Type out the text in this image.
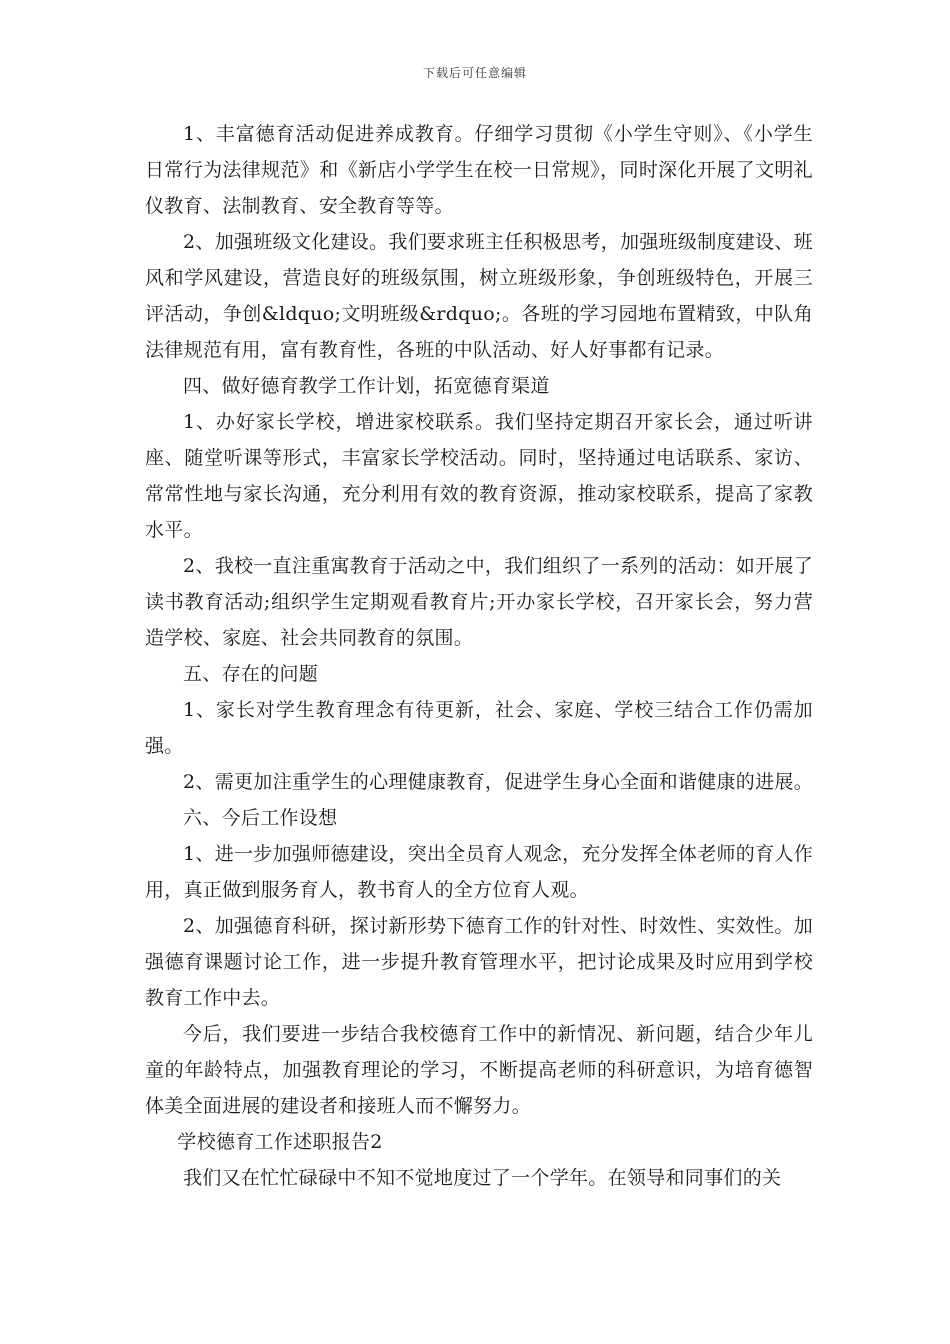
下载后可任意编辑

1、丰富德育活动促进养成教育。仔细学习贯彻《小学生守则》、《小学生日常行为法律规范》和《新店小学学生在校一日常规》，同时深化开展了文明礼仪教育、法制教育、安全教育等等。

2、加强班级文化建设。我们要求班主任积极思考，加强班级制度建设、班风和学风建设，营造良好的班级氛围，树立班级形象，争创班级特色，开展三评活动，争创&ldquo;文明班级&rdquo;。各班的学习园地布置精致，中队角法律规范有用，富有教育性，各班的中队活动、好人好事都有记录。

四、做好德育教学工作计划，拓宽德育渠道

1、办好家长学校，增进家校联系。我们坚持定期召开家长会，通过听讲座、随堂听课等形式，丰富家长学校活动。同时，坚持通过电话联系、家访、常常性地与家长沟通，充分利用有效的教育资源，推动家校联系，提高了家教水平。

2、我校一直注重寓教育于活动之中，我们组织了一系列的活动：如开展了读书教育活动;组织学生定期观看教育片;开办家长学校，召开家长会，努力营造学校、家庭、社会共同教育的氛围。

五、存在的问题

1、家长对学生教育理念有待更新，社会、家庭、学校三结合工作仍需加强。

2、需更加注重学生的心理健康教育，促进学生身心全面和谐健康的进展。

六、今后工作设想

1、进一步加强师德建设，突出全员育人观念，充分发挥全体老师的育人作用，真正做到服务育人，教书育人的全方位育人观。

2、加强德育科研，探讨新形势下德育工作的针对性、时效性、实效性。加强德育课题讨论工作，进一步提升教育管理水平，把讨论成果及时应用到学校教育工作中去。

今后，我们要进一步结合我校德育工作中的新情况、新问题，结合少年儿童的年龄特点，加强教育理论的学习，不断提高老师的科研意识，为培育德智体美全面进展的建设者和接班人而不懈努力。

学校德育工作述职报告2

我们又在忙忙碌碌中不知不觉地度过了一个学年。在领导和同事们的关
